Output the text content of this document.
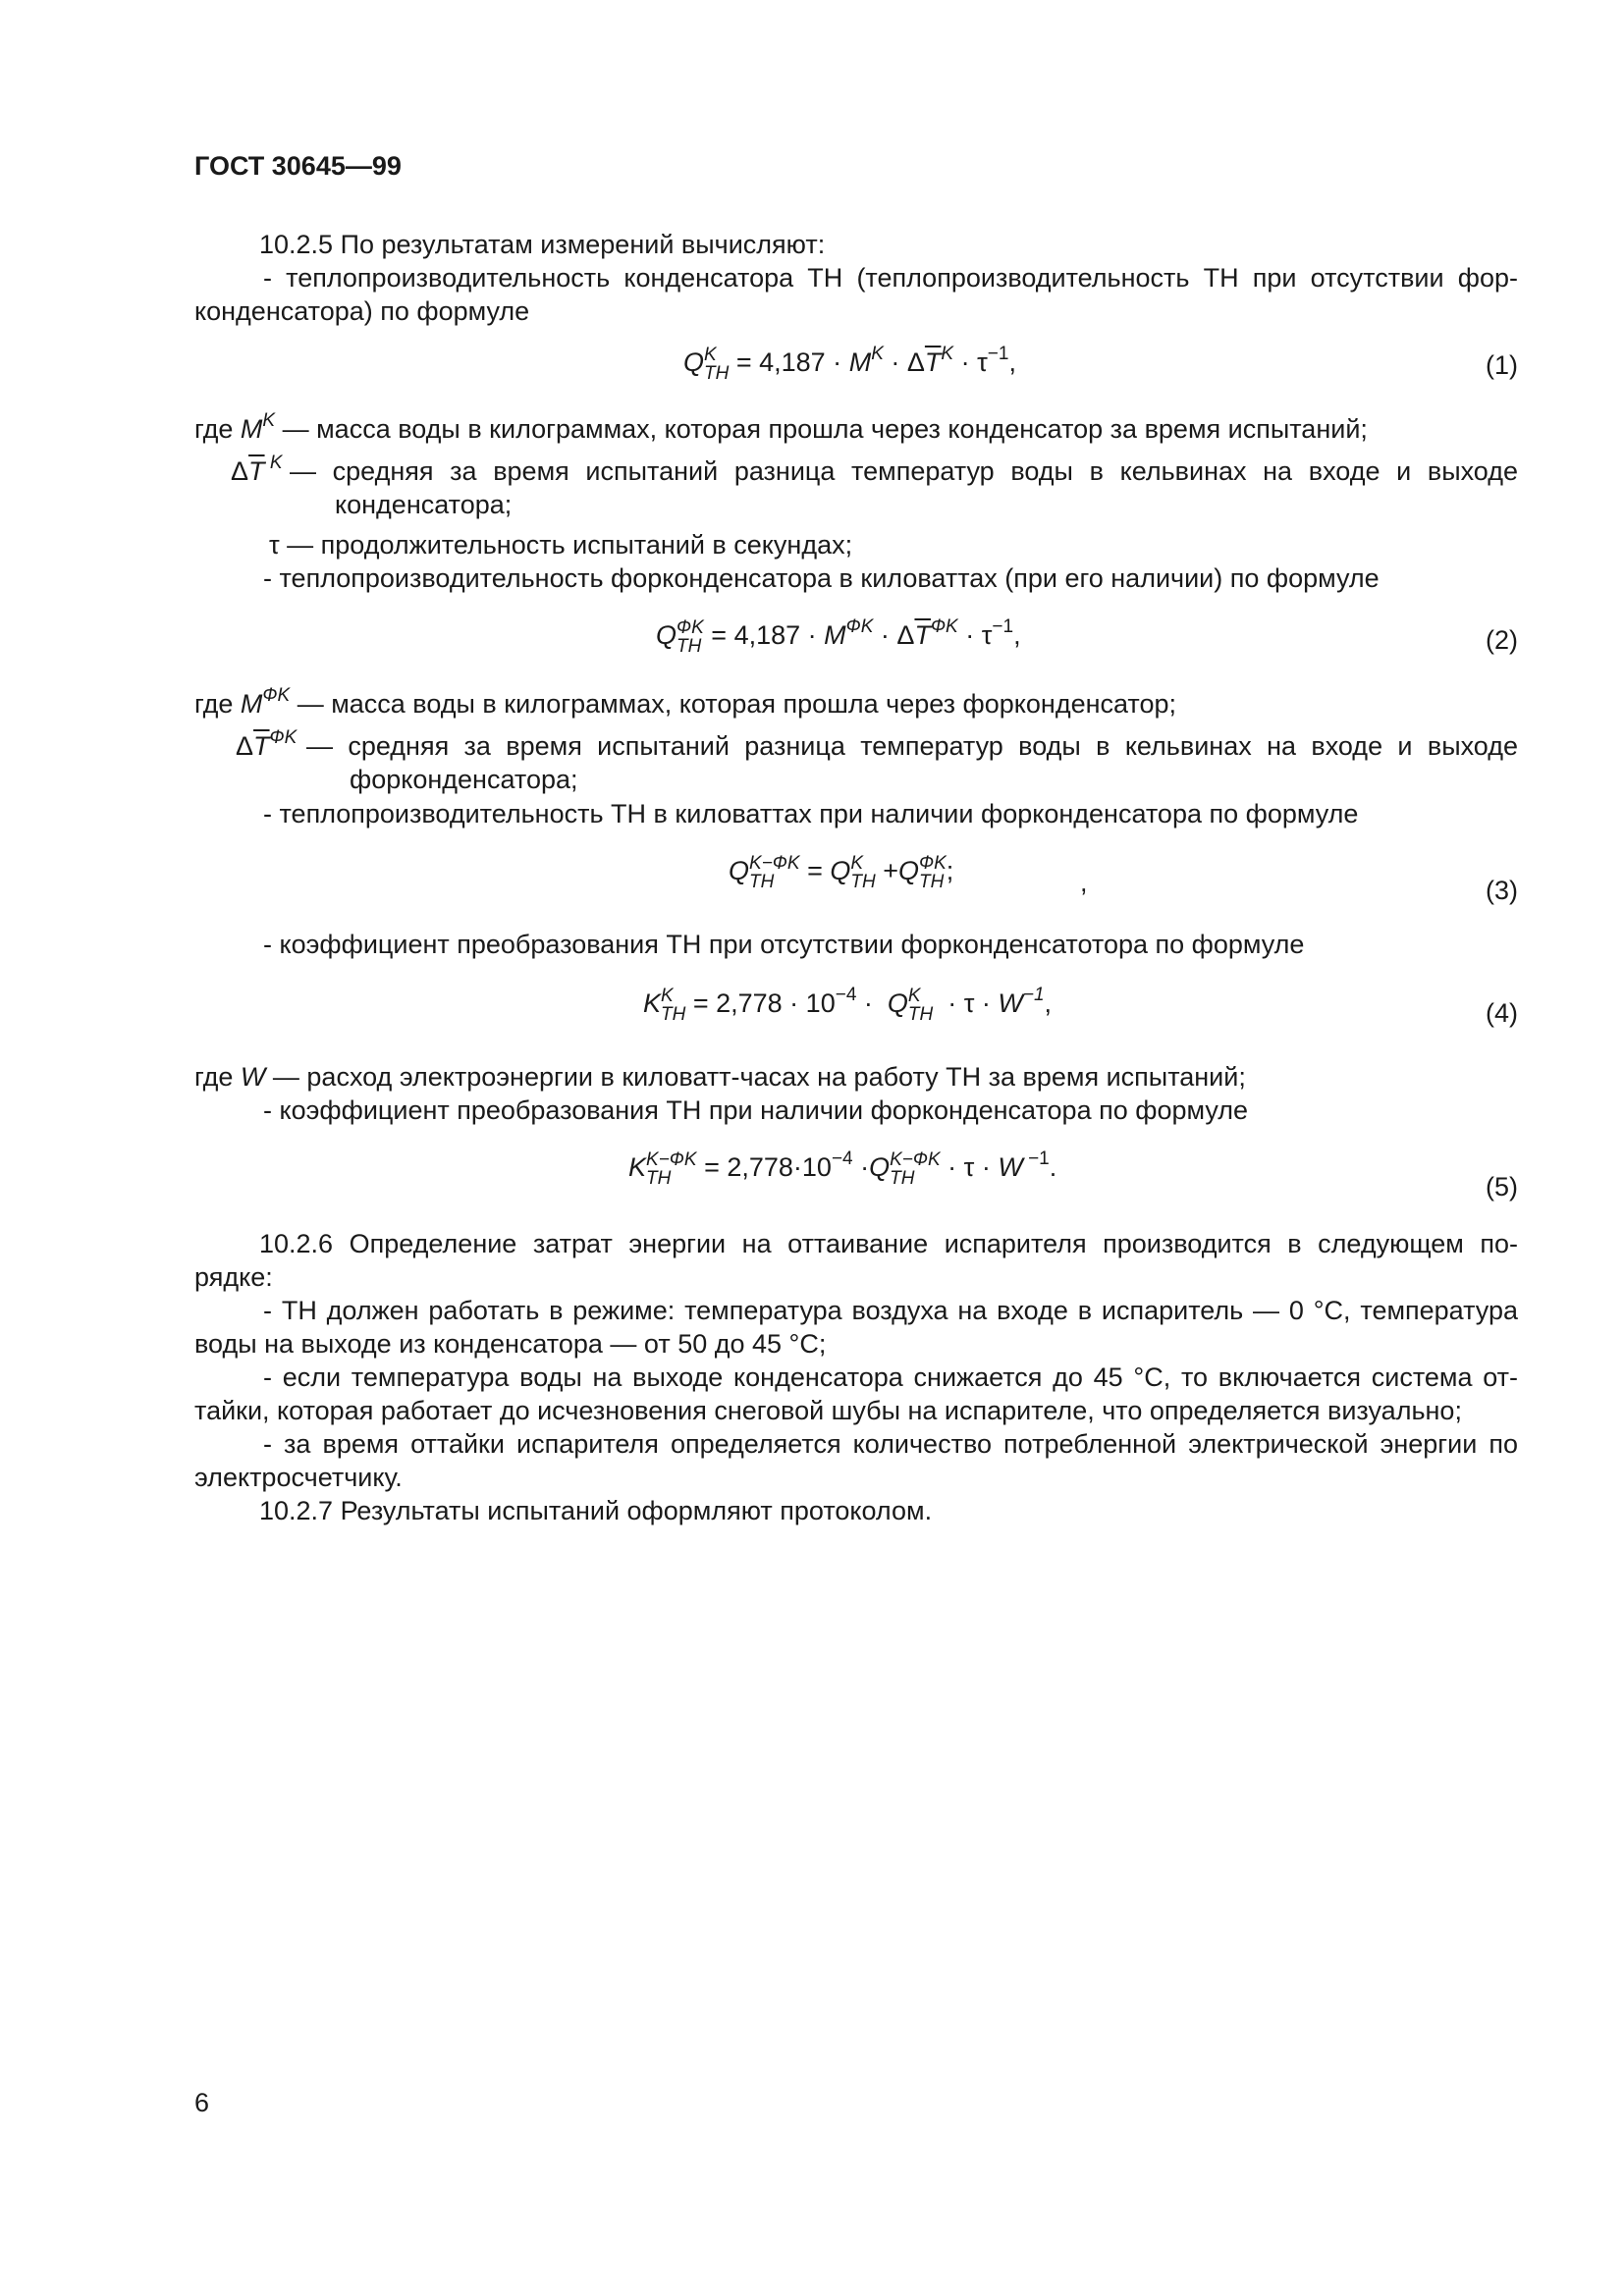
ГОСТ 30645—99
10.2.5 По результатам измерений вычисляют:
- теплопроизводительность конденсатора ТН (теплопроизводительность ТН при отсутствии фор-
конденсатора) по формуле
Q K
TH = $4,187 \cdot M^K \cdot \Delta\overline{T}^K \cdot \tau^{-1}$,	(1)
где $M^K$ — масса воды в килограммах, которая прошла через конденсатор за время испытаний;
$\Delta\overline{T}$ $^K$ — средняя за время испытаний разница температур воды в кельвинах на входе и выходе
конденсатора;
τ — продолжительность испытаний в секундах;
- теплопроизводительность форконденсатора в киловаттах (при его наличии) по формуле
Q ФK
TH = $4,187 \cdot M^{ФK} \cdot \Delta\overline{T}^{ФK} \cdot \tau^{-1}$,	(2)
где $M^{ФK}$ — масса воды в килограммах, которая прошла через форконденсатор;
$\Delta\overline{T}^{ФK}$ — средняя за время испытаний разница температур воды в кельвинах на входе и выходе
форконденсатора;
- теплопроизводительность ТН в киловаттах при наличии форконденсатора по формуле
Q K−ФK
TH = Q K
TH +Q ФK
TH ;	,	(3)
- коэффициент преобразования ТН при отсутствии форконденсатотора по формуле
K K
TH = $2,778 \cdot 10^{-4} \cdot Q$ K
TH · $\tau \cdot W^{-1}$,	(4)
где W — расход электроэнергии в киловатт-часах на работу ТН за время испытаний;
- коэффициент преобразования ТН при наличии форконденсатора по формуле
K K−ФK
TH = $2,778\cdot 10^{-4} \cdot Q$ K−ФK
TH · τ · W $^{-1}$.
(5)
10.2.6 Определение затрат энергии на оттаивание испарителя производится в следующем по-
рядке:
- ТН должен работать в режиме: температура воздуха на входе в испаритель — 0 °С, температура
воды на выходе из конденсатора — от 50 до 45 °С;
- если температура воды на выходе конденсатора снижается до 45 °С, то включается система от-
тайки, которая работает до исчезновения снеговой шубы на испарителе, что определяется визуально;
- за время оттайки испарителя определяется количество потребленной электрической энергии по
электросчетчику.
10.2.7 Результаты испытаний оформляют протоколом.
6
